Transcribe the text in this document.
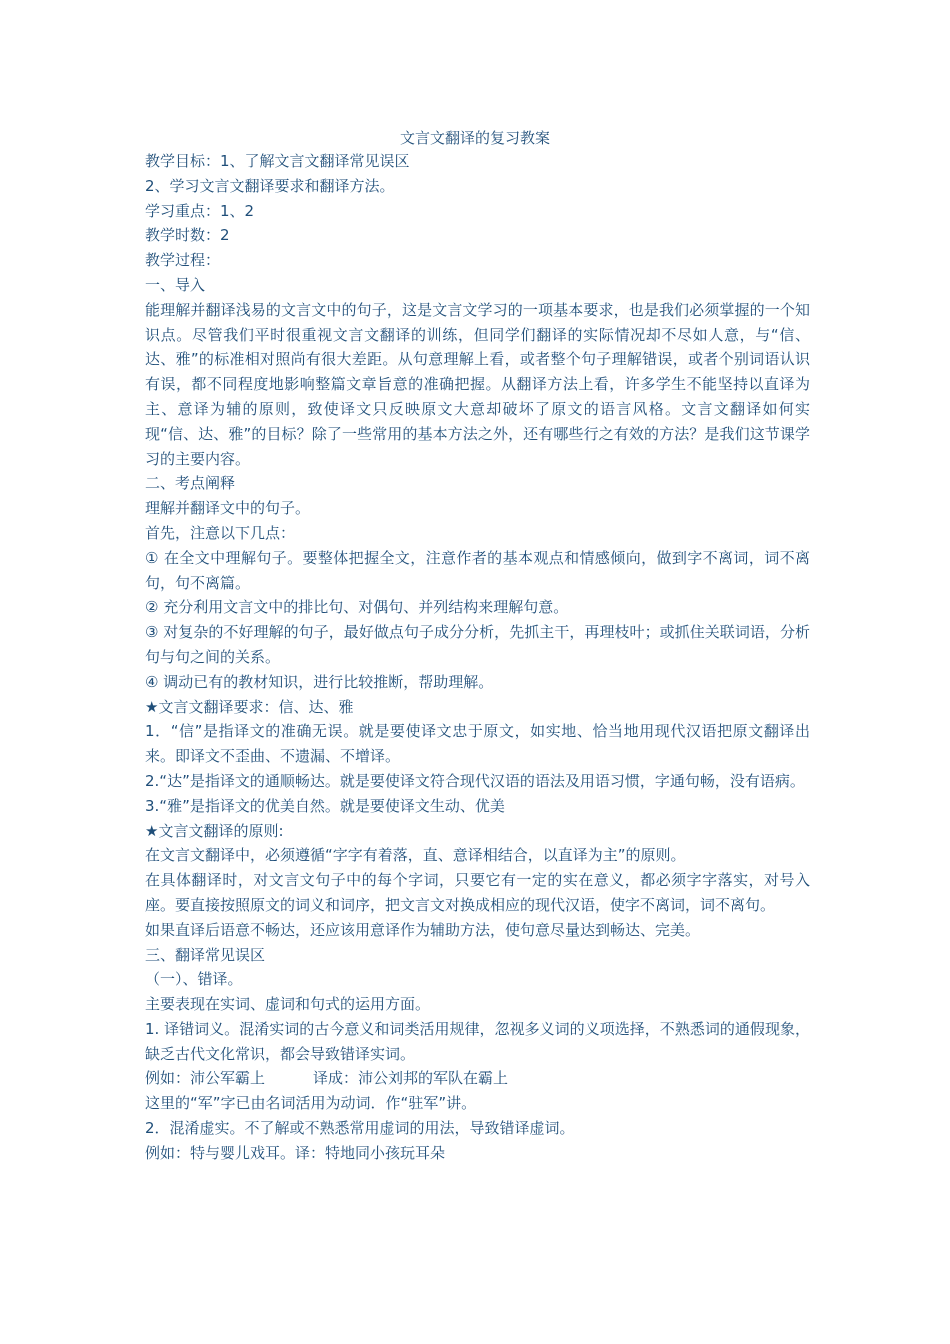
文言文翻译的复习教案

教学目标：1、了解文言文翻译常见误区

2、学习文言文翻译要求和翻译方法。

学习重点：1、2

教学时数：2

教学过程：

一、导入

能理解并翻译浅易的文言文中的句子，这是文言文学习的一项基本要求，也是我们必须掌握的一个知识点。尽管我们平时很重视文言文翻译的训练，但同学们翻译的实际情况却不尽如人意，与“信、达、雅”的标准相对照尚有很大差距。从句意理解上看，或者整个句子理解错误，或者个别词语认识有误，都不同程度地影响整篇文章旨意的准确把握。从翻译方法上看，许多学生不能坚持以直译为主、意译为辅的原则，致使译文只反映原文大意却破坏了原文的语言风格。文言文翻译如何实现“信、达、雅”的目标？除了一些常用的基本方法之外，还有哪些行之有效的方法？是我们这节课学习的主要内容。

二、考点阐释

理解并翻译文中的句子。

首先，注意以下几点：

① 在全文中理解句子。要整体把握全文，注意作者的基本观点和情感倾向，做到字不离词，词不离句，句不离篇。

② 充分利用文言文中的排比句、对偶句、并列结构来理解句意。

③ 对复杂的不好理解的句子，最好做点句子成分分析，先抓主干，再理枝叶；或抓住关联词语，分析句与句之间的关系。

④ 调动已有的教材知识，进行比较推断，帮助理解。

★文言文翻译要求：信、达、雅

1．“信”是指译文的准确无误。就是要使译文忠于原文，如实地、恰当地用现代汉语把原文翻译出来。即译文不歪曲、不遗漏、不增译。

2.“达”是指译文的通顺畅达。就是要使译文符合现代汉语的语法及用语习惯，字通句畅，没有语病。

3.“雅”是指译文的优美自然。就是要使译文生动、优美

★文言文翻译的原则:

在文言文翻译中，必须遵循“字字有着落，直、意译相结合，以直译为主”的原则。

在具体翻译时，对文言文句子中的每个字词，只要它有一定的实在意义，都必须字字落实，对号入座。要直接按照原文的词义和词序，把文言文对换成相应的现代汉语，使字不离词，词不离句。

如果直译后语意不畅达，还应该用意译作为辅助方法，使句意尽量达到畅达、完美。

三、翻译常见误区

（一）、错译。

主要表现在实词、虚词和句式的运用方面。

1. 译错词义。混淆实词的古今意义和词类活用规律，忽视多义词的义项选择，不熟悉词的通假现象，缺乏古代文化常识，都会导致错译实词。

例如：沛公军霸上	译成：沛公刘邦的军队在霸上

这里的“军”字已由名词活用为动词．作“驻军”讲。

2．混淆虚实。不了解或不熟悉常用虚词的用法，导致错译虚词。

例如：特与婴儿戏耳。译：特地同小孩玩耳朵
